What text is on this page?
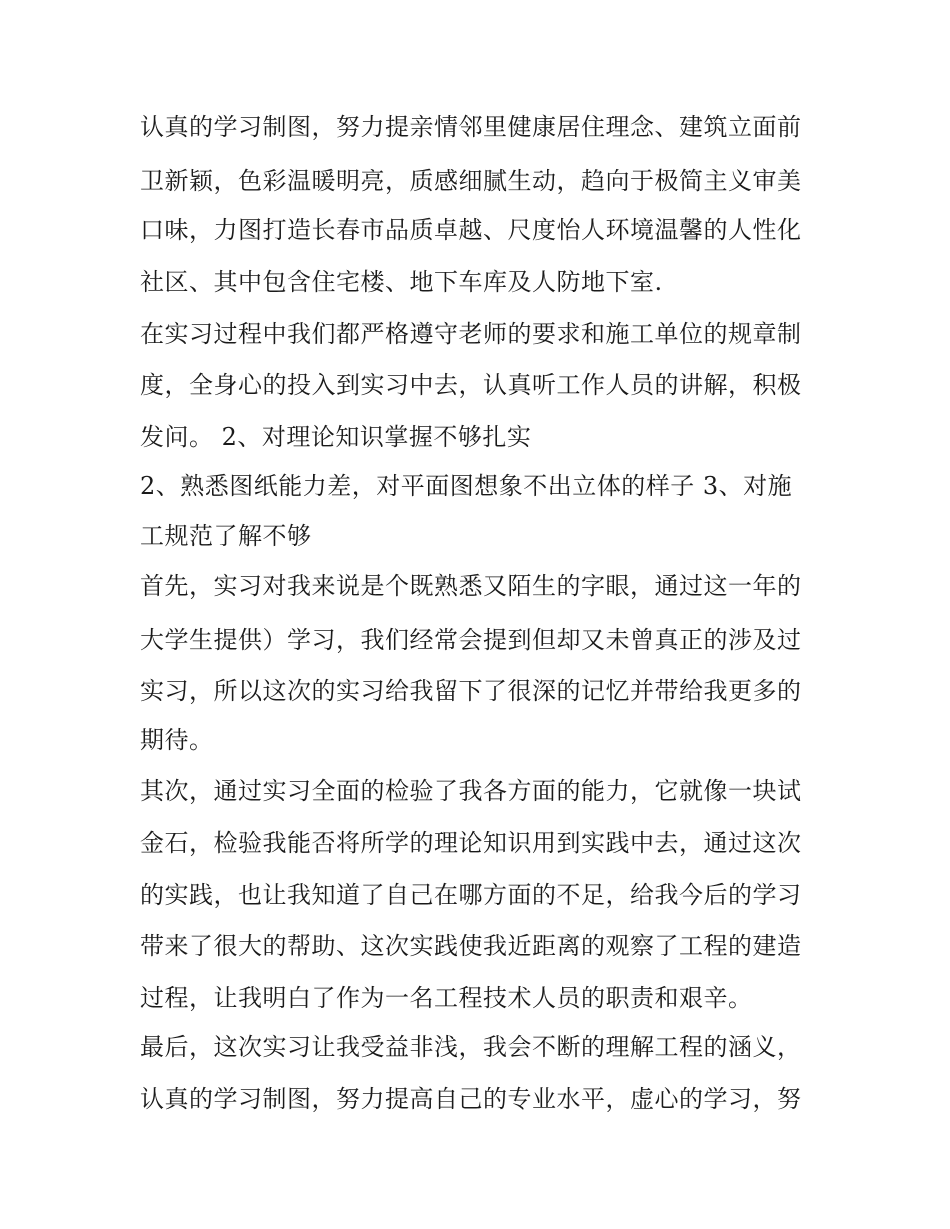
认真的学习制图，努力提亲情邻里健康居住理念、建筑立面前

卫新颖，色彩温暖明亮，质感细腻生动，趋向于极简主义审美

口味，力图打造长春市品质卓越、尺度怡人环境温馨的人性化

社区、其中包含住宅楼、地下车库及人防地下室.

在实习过程中我们都严格遵守老师的要求和施工单位的规章制

度，全身心的投入到实习中去，认真听工作人员的讲解，积极

发问。 2、对理论知识掌握不够扎实

2、熟悉图纸能力差，对平面图想象不出立体的样子 3、对施

工规范了解不够

首先，实习对我来说是个既熟悉又陌生的字眼，通过这一年的

大学生提供）学习，我们经常会提到但却又未曾真正的涉及过

实习，所以这次的实习给我留下了很深的记忆并带给我更多的

期待。

其次，通过实习全面的检验了我各方面的能力，它就像一块试

金石，检验我能否将所学的理论知识用到实践中去，通过这次

的实践，也让我知道了自己在哪方面的不足，给我今后的学习

带来了很大的帮助、这次实践使我近距离的观察了工程的建造

过程，让我明白了作为一名工程技术人员的职责和艰辛。

最后，这次实习让我受益非浅，我会不断的理解工程的涵义，

认真的学习制图，努力提高自己的专业水平，虚心的学习，努
